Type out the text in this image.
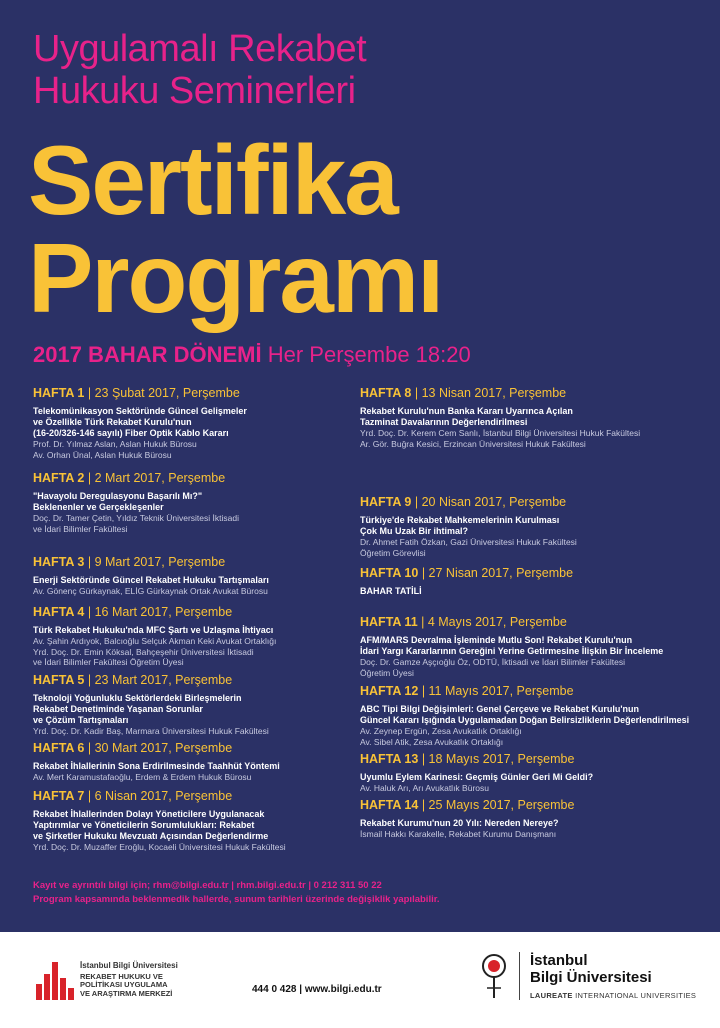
Uygulamalı Rekabet
Hukuku Seminerleri
Sertifika
Programı
2017 BAHAR DÖNEMİ Her Perşembe 18:20
HAFTA 1 | 23 Şubat 2017, Perşembe
Telekomünikasyon Sektöründe Güncel Gelişmeler
ve Özellikle Türk Rekabet Kurulu'nun
(16-20/326-146 sayılı) Fiber Optik Kablo Kararı
Prof. Dr. Yılmaz Aslan, Aslan Hukuk Bürosu
Av. Orhan Ünal, Aslan Hukuk Bürosu
HAFTA 2 | 2 Mart 2017, Perşembe
"Havayolu Deregulasyonu Başarılı Mı?"
Beklenenler ve Gerçekleşenler
Doç. Dr. Tamer Çetin, Yıldız Teknik Üniversitesi İktisadi
ve İdari Bilimler Fakültesi
HAFTA 3 | 9 Mart 2017, Perşembe
Enerji Sektöründe Güncel Rekabet Hukuku Tartışmaları
Av. Gönenç Gürkaynak, ELİG Gürkaynak Ortak Avukat Bürosu
HAFTA 4 | 16 Mart 2017, Perşembe
Türk Rekabet Hukuku'nda MFC Şartı ve Uzlaşma İhtiyacı
Av. Şahin Ardıyok, Balcıoğlu Selçuk Akman Keki Avukat Ortaklığı
Yrd. Doç. Dr. Emin Köksal, Bahçeşehir Üniversitesi İktisadi
ve İdari Bilimler Fakültesi Öğretim Üyesi
HAFTA 5 | 23 Mart 2017, Perşembe
Teknoloji Yoğunluklu Sektörlerdeki Birleşmelerin
Rekabet Denetiminde Yaşanan Sorunlar
ve Çözüm Tartışmaları
Yrd. Doç. Dr. Kadir Baş, Marmara Üniversitesi Hukuk Fakültesi
HAFTA 6 | 30 Mart 2017, Perşembe
Rekabet İhlallerinin Sona Erdirilmesinde Taahhüt Yöntemi
Av. Mert Karamustafaoğlu, Erdem & Erdem Hukuk Bürosu
HAFTA 7 | 6 Nisan 2017, Perşembe
Rekabet İhlallerinden Dolayı Yöneticilere Uygulanacak
Yaptırımlar ve Yöneticilerin Sorumlulukları: Rekabet
ve Şirketler Hukuku Mevzuatı Açısından Değerlendirme
Yrd. Doç. Dr. Muzaffer Eroğlu, Kocaeli Üniversitesi Hukuk Fakültesi
HAFTA 8 | 13 Nisan 2017, Perşembe
Rekabet Kurulu'nun Banka Kararı Uyarınca Açılan
Tazminat Davalarının Değerlendirilmesi
Yrd. Doç. Dr. Kerem Cem Sanlı, İstanbul Bilgi Üniversitesi Hukuk Fakültesi
Ar. Gör. Buğra Kesici, Erzincan Üniversitesi Hukuk Fakültesi
HAFTA 9 | 20 Nisan 2017, Perşembe
Türkiye'de Rekabet Mahkemelerinin Kurulması
Çok Mu Uzak Bir ihtimal?
Dr. Ahmet Fatih Özkan, Gazi Üniversitesi Hukuk Fakültesi
Öğretim Görevlisi
HAFTA 10 | 27 Nisan 2017, Perşembe
BAHAR TATİLİ
HAFTA 11 | 4 Mayıs 2017, Perşembe
AFM/MARS Devralma İşleminde Mutlu Son! Rekabet Kurulu'nun
İdari Yargı Kararlarının Gereğini Yerine Getirmesine İlişkin Bir İnceleme
Doç. Dr. Gamze Aşçıoğlu Öz, ODTÜ, İktisadi ve İdari Bilimler Fakültesi
Öğretim Üyesi
HAFTA 12 | 11 Mayıs 2017, Perşembe
ABC Tipi Bilgi Değişimleri: Genel Çerçeve ve Rekabet Kurulu'nun
Güncel Kararı Işığında Uygulamadan Doğan Belirsizliklerin Değerlendirilmesi
Av. Zeynep Ergün, Zesa Avukatlık Ortaklığı
Av. Sibel Atik, Zesa Avukatlık Ortaklığı
HAFTA 13 | 18 Mayıs 2017, Perşembe
Uyumlu Eylem Karinesi: Geçmiş Günler Geri Mi Geldi?
Av. Haluk Arı, Arı Avukatlık Bürosu
HAFTA 14 | 25 Mayıs 2017, Perşembe
Rekabet Kurumu'nun 20 Yılı: Nereden Nereye?
İsmail Hakkı Karakelle, Rekabet Kurumu Danışmanı
Kayıt ve ayrıntılı bilgi için; rhm@bilgi.edu.tr | rhm.bilgi.edu.tr | 0 212 311 50 22
Program kapsamında beklenmedik hallerde, sunum tarihleri üzerinde değişiklik yapılabilir.
İstanbul Bilgi Üniversitesi
REKABET HUKUKU VE
POLİTİKASI UYGULAMA
VE ARAŞTIRMA MERKEZİ	444 0 428 | www.bilgi.edu.tr
İstanbul
Bilgi Üniversitesi
LAUREATE INTERNATIONAL UNIVERSITIES
